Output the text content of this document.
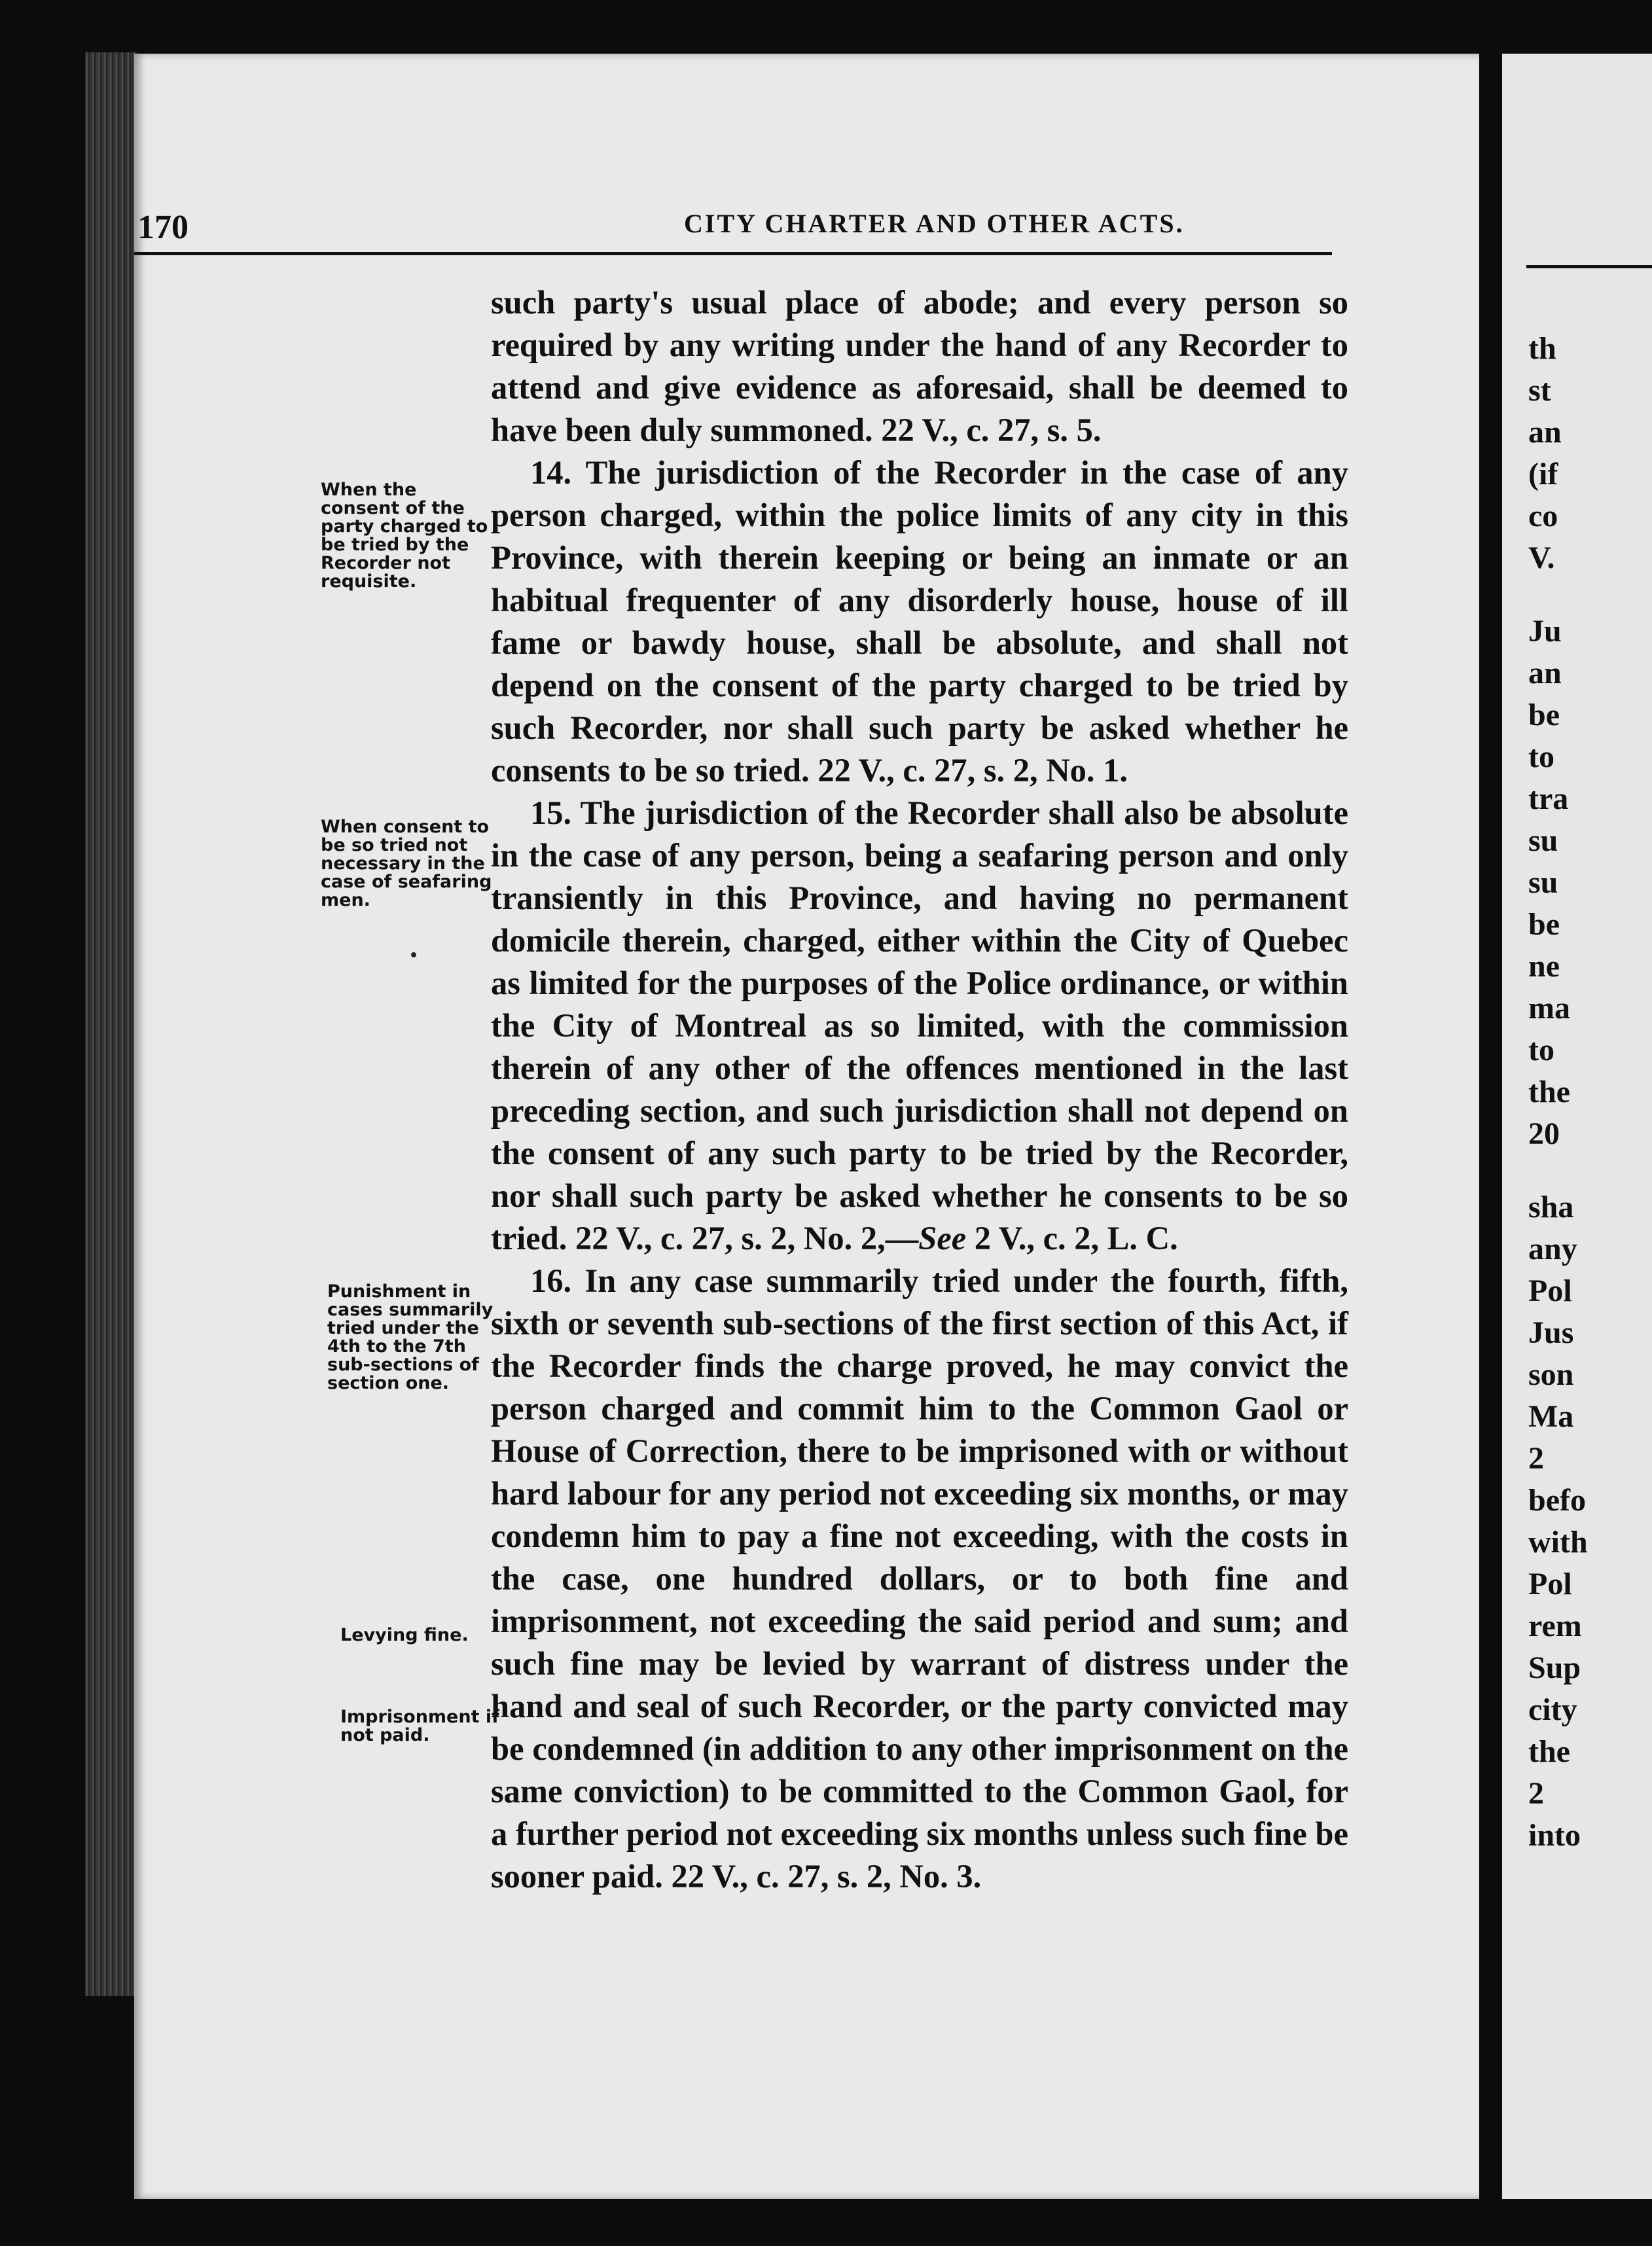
170	CITY CHARTER AND OTHER ACTS.
When the consent of the party charged to be tried by the Recorder not requisite.
When consent to be so tried not necessary in the case of seafaring men.
Punishment in cases summarily tried under the 4th to the 7th sub-sections of section one.
Levying fine.
Imprisonment if not paid.

such party's usual place of abode; and every person so required by any writing under the hand of any Recorder to attend and give evidence as aforesaid, shall be deemed to have been duly summoned. 22 V., c. 27, s. 5.

14. The jurisdiction of the Recorder in the case of any person charged, within the police limits of any city in this Province, with therein keeping or being an inmate or an habitual frequenter of any disorderly house, house of ill fame or bawdy house, shall be absolute, and shall not depend on the consent of the party charged to be tried by such Recorder, nor shall such party be asked whether he consents to be so tried. 22 V., c. 27, s. 2, No. 1.

15. The jurisdiction of the Recorder shall also be absolute in the case of any person, being a seafaring person and only transiently in this Province, and having no permanent domicile therein, charged, either within the City of Quebec as limited for the purposes of the Police ordinance, or within the City of Montreal as so limited, with the commission therein of any other of the offences mentioned in the last preceding section, and such jurisdiction shall not depend on the consent of any such party to be tried by the Recorder, nor shall such party be asked whether he consents to be so tried. 22 V., c. 27, s. 2, No. 2,—See 2 V., c. 2, L. C.

16. In any case summarily tried under the fourth, fifth, sixth or seventh sub-sections of the first section of this Act, if the Recorder finds the charge proved, he may convict the person charged and commit him to the Common Gaol or House of Correction, there to be imprisoned with or without hard labour for any period not exceeding six months, or may condemn him to pay a fine not exceeding, with the costs in the case, one hundred dollars, or to both fine and imprisonment, not exceeding the said period and sum; and such fine may be levied by warrant of distress under the hand and seal of such Recorder, or the party convicted may be condemned (in addition to any other imprisonment on the same conviction) to be committed to the Common Gaol, for a further period not exceeding six months unless such fine be sooner paid. 22 V., c. 27, s. 2, No. 3.

th
st
an
(if
co
V.
Ju
an
be
to
tra
su
su
be
ne
ma
to
the
20
sha
any
Pol
Jus
son
Ma
2
befo
with
Pol
rem
Sup
city
the
2
into
